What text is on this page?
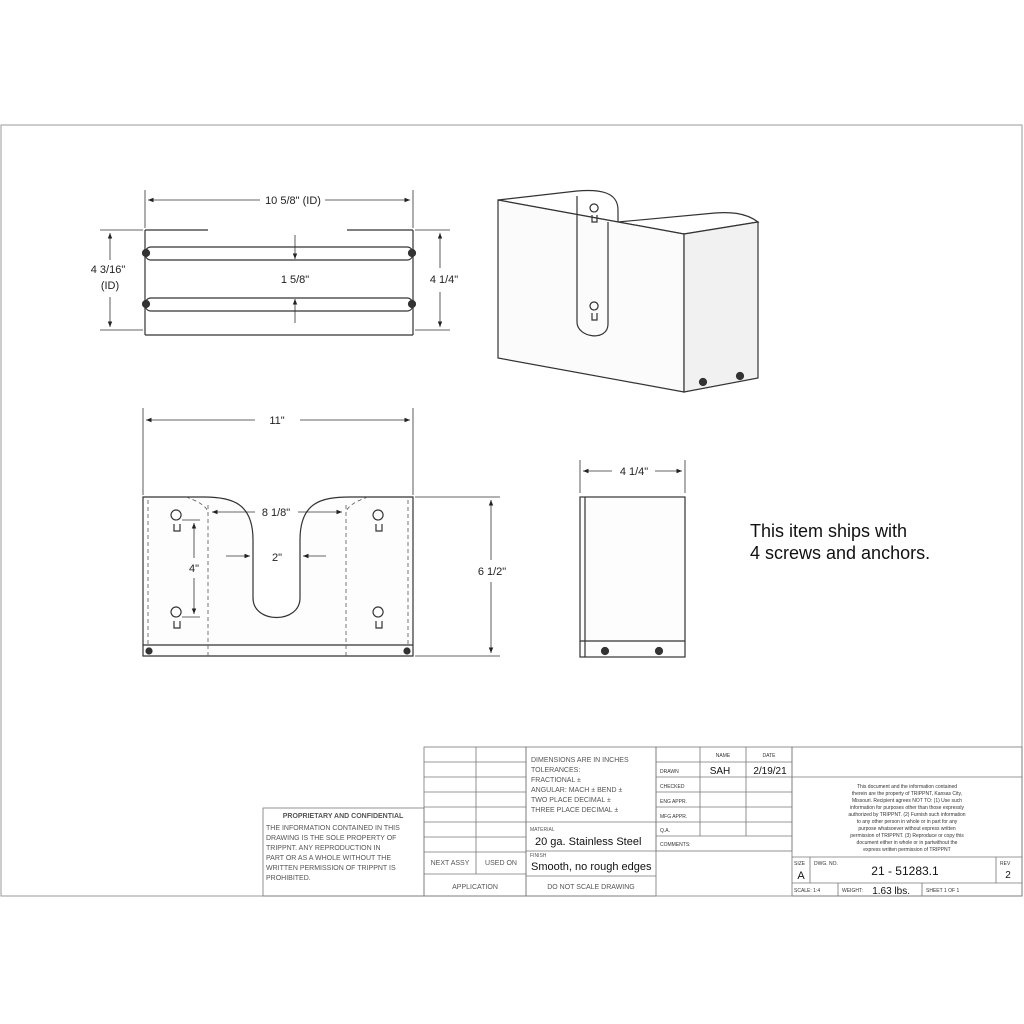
10 5/8" (ID)
4 3/16"
(ID)	4 1/4"
1 5/8"
11"
8 1/8"
2"
4"	6 1/2"
4 1/4"
This item ships with
4 screws and anchors.
PROPRIETARY AND CONFIDENTIAL
THE INFORMATION CONTAINED IN THIS
DRAWING IS THE SOLE PROPERTY OF
TRIPPNT. ANY REPRODUCTION IN
PART OR AS A WHOLE WITHOUT THE
WRITTEN PERMISSION OF TRIPPNT IS
PROHIBITED.
NEXT ASSY USED ON
APPLICATION
DIMENSIONS ARE IN INCHES
TOLERANCES:
FRACTIONAL ±
ANGULAR: MACH ± BEND ±
TWO PLACE DECIMAL ±
THREE PLACE DECIMAL ±
MATERIAL
20 ga. Stainless Steel
FINISH
Smooth, no rough edges
DO NOT SCALE DRAWING
NAME	DATE
DRAWN	SAH 2/19/21
CHECKED
ENG APPR.
MFG APPR.
Q.A.
COMMENTS:
This document and the information contained
therein are the property of TRIPPNT, Kansas City,
Missouri. Recipient agrees NOT TO: (1) Use such
information for purposes other than those expressly
authorized by TRIPPNT. (2) Furnish such information
to any other person in whole or in part for any
purpose whatsoever without express written
permission of TRIPPNT. (3) Reproduce or copy this
document either in whole or in partwithout the
express written permission of TRIPPNT
SIZE
A
DWG. NO.	21 - 51283.1	REV
2
SCALE: 1:4	WEIGHT: 1.63 lbs.	SHEET 1 OF 1
